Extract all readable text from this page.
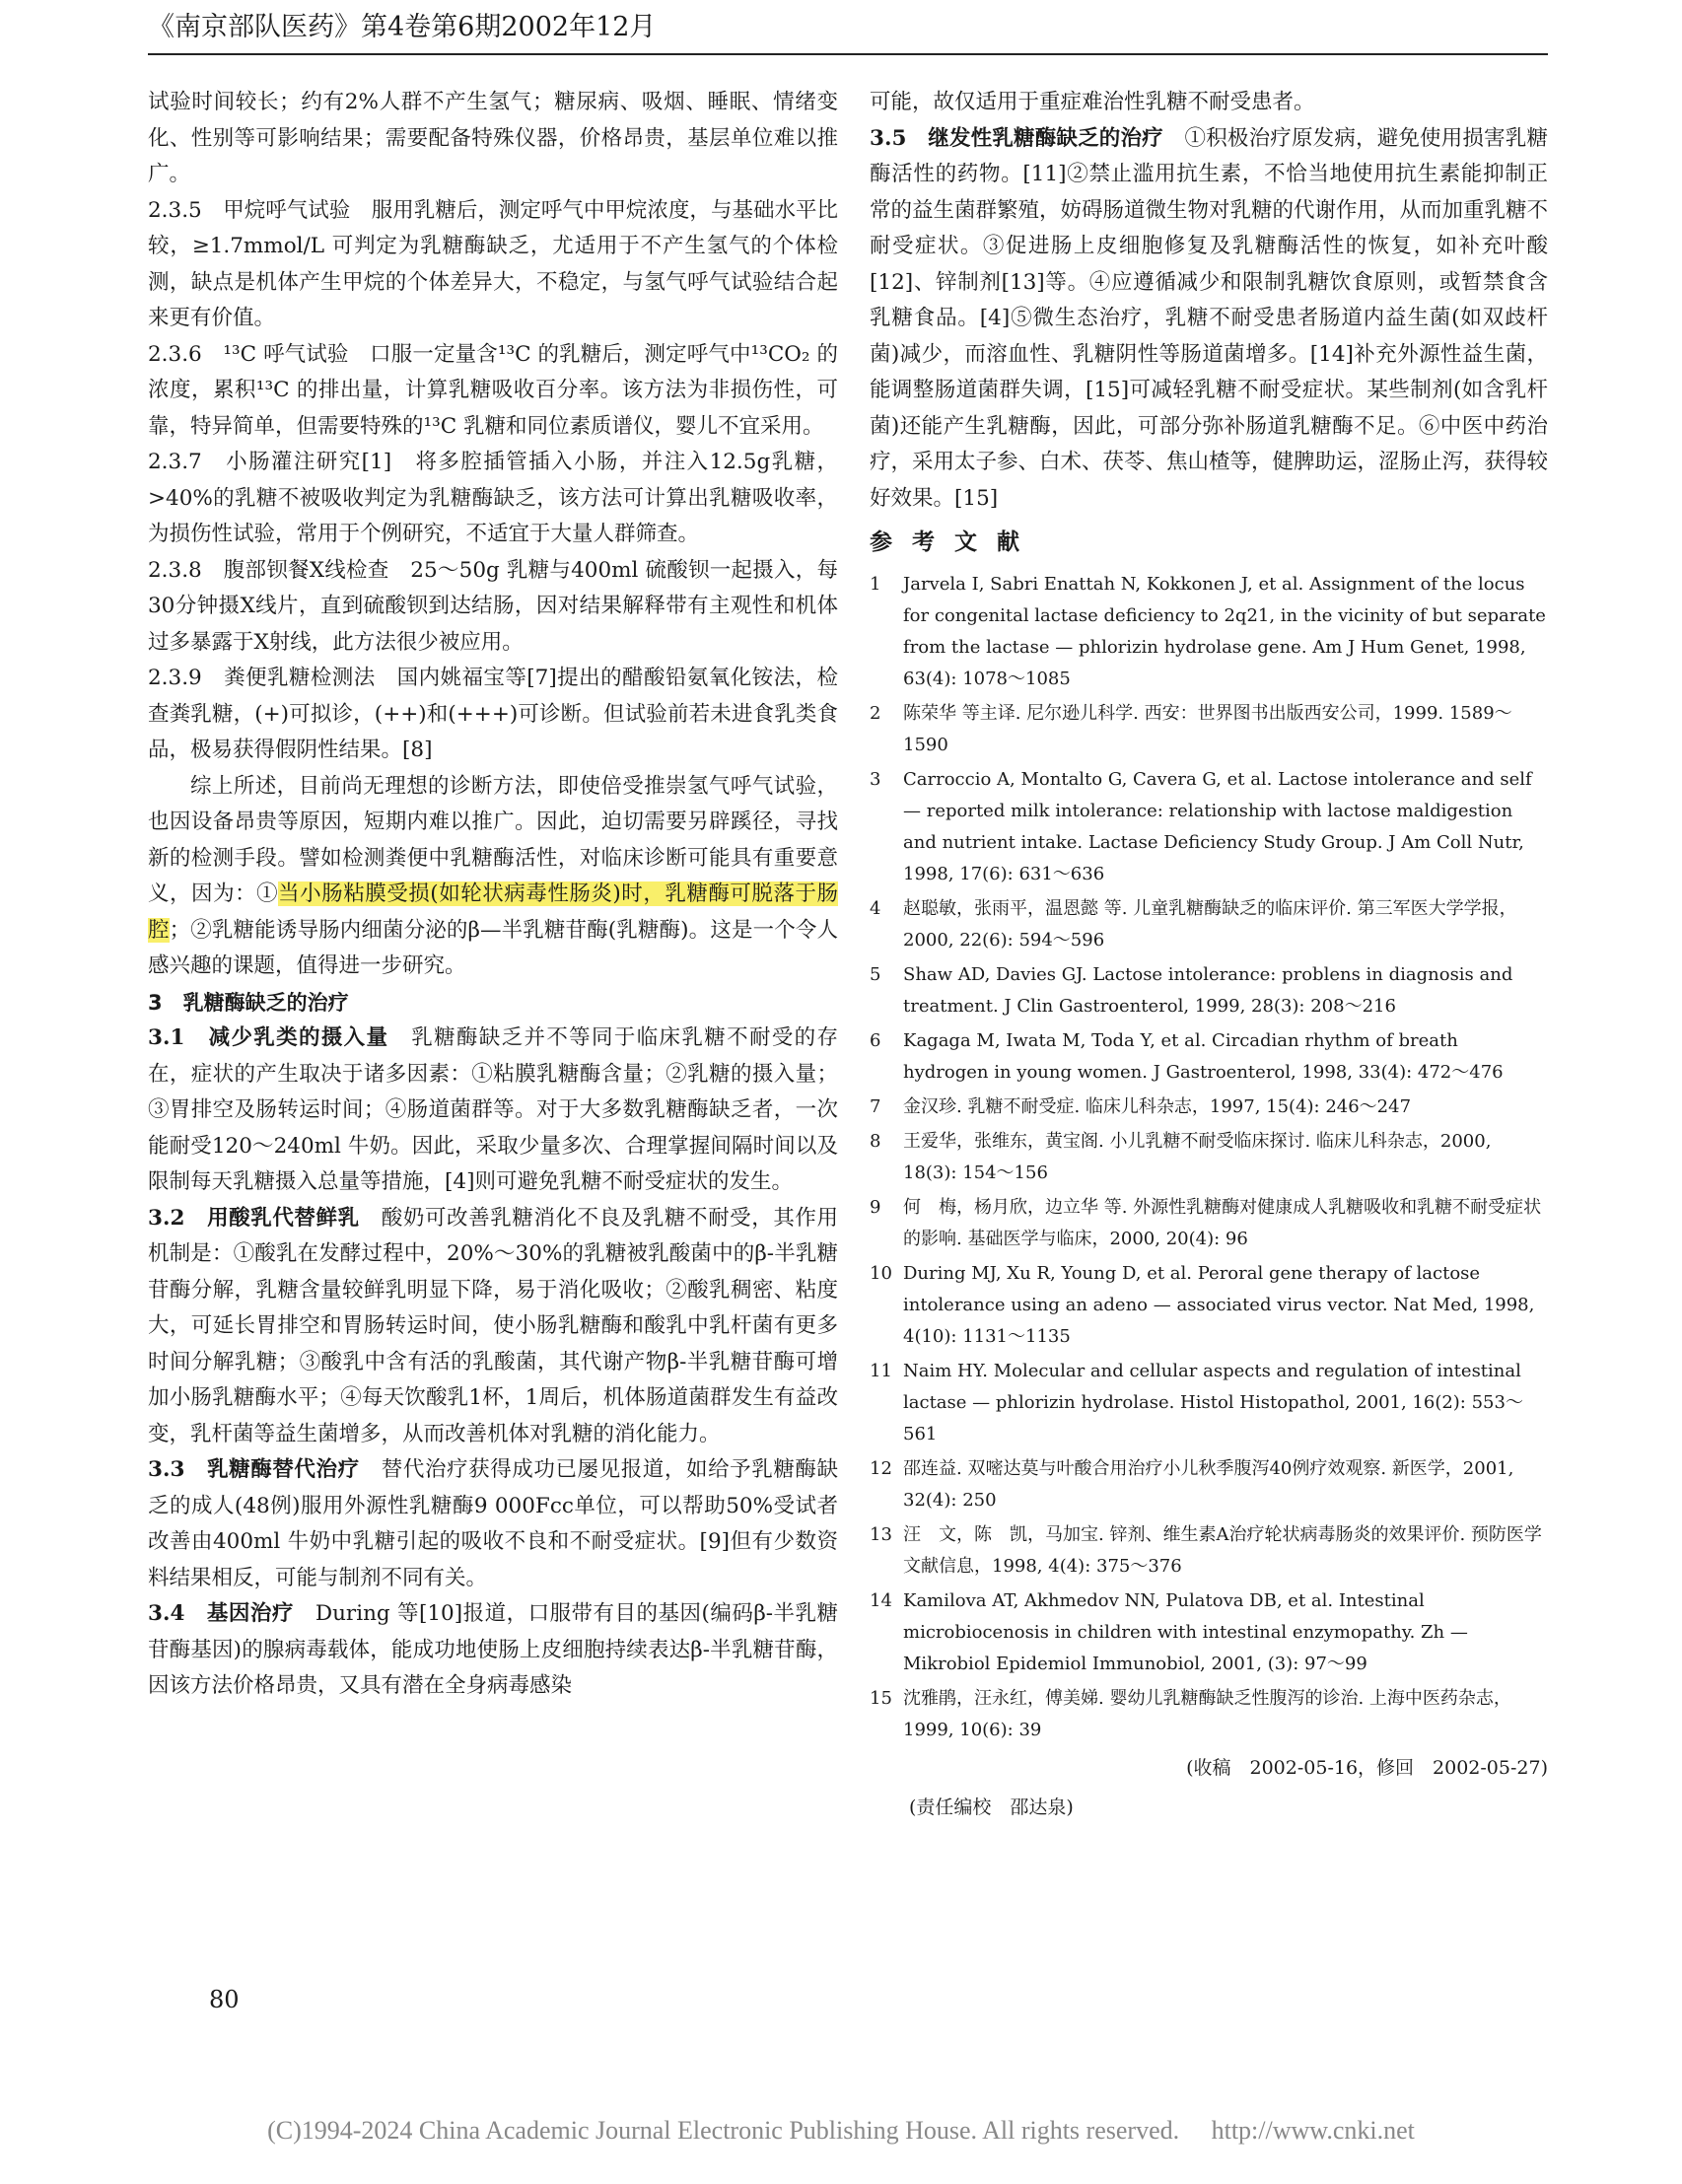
《南京部队医药》第4卷第6期2002年12月

试验时间较长；约有2%人群不产生氢气；糖尿病、吸烟、睡眠、情绪变化、性别等可影响结果；需要配备特殊仪器，价格昂贵，基层单位难以推广。

2.3.5　甲烷呼气试验　服用乳糖后，测定呼气中甲烷浓度，与基础水平比较，≥1.7mmol/L 可判定为乳糖酶缺乏，尤适用于不产生氢气的个体检测，缺点是机体产生甲烷的个体差异大，不稳定，与氢气呼气试验结合起来更有价值。

2.3.6　¹³C 呼气试验　口服一定量含¹³C 的乳糖后，测定呼气中¹³CO₂ 的浓度，累积¹³C 的排出量，计算乳糖吸收百分率。该方法为非损伤性，可靠，特异简单，但需要特殊的¹³C 乳糖和同位素质谱仪，婴儿不宜采用。

2.3.7　小肠灌注研究[1]　将多腔插管插入小肠，并注入12.5g乳糖，>40%的乳糖不被吸收判定为乳糖酶缺乏，该方法可计算出乳糖吸收率，为损伤性试验，常用于个例研究，不适宜于大量人群筛查。

2.3.8　腹部钡餐X线检查　25～50g 乳糖与400ml 硫酸钡一起摄入，每30分钟摄X线片，直到硫酸钡到达结肠，因对结果解释带有主观性和机体过多暴露于X射线，此方法很少被应用。

2.3.9　粪便乳糖检测法　国内姚福宝等[7]提出的醋酸铅氨氧化铵法，检查粪乳糖，(+)可拟诊，(++)和(+++)可诊断。但试验前若未进食乳类食品，极易获得假阴性结果。[8]

综上所述，目前尚无理想的诊断方法，即使倍受推崇氢气呼气试验，也因设备昂贵等原因，短期内难以推广。因此，迫切需要另辟蹊径，寻找新的检测手段。譬如检测粪便中乳糖酶活性，对临床诊断可能具有重要意义，因为：①当小肠粘膜受损(如轮状病毒性肠炎)时，乳糖酶可脱落于肠腔；②乳糖能诱导肠内细菌分泌的β—半乳糖苷酶(乳糖酶)。这是一个令人感兴趣的课题，值得进一步研究。

3　乳糖酶缺乏的治疗

3.1　减少乳类的摄入量　乳糖酶缺乏并不等同于临床乳糖不耐受的存在，症状的产生取决于诸多因素：①粘膜乳糖酶含量；②乳糖的摄入量；③胃排空及肠转运时间；④肠道菌群等。对于大多数乳糖酶缺乏者，一次能耐受120～240ml 牛奶。因此，采取少量多次、合理掌握间隔时间以及限制每天乳糖摄入总量等措施，[4]则可避免乳糖不耐受症状的发生。

3.2　用酸乳代替鲜乳　酸奶可改善乳糖消化不良及乳糖不耐受，其作用机制是：①酸乳在发酵过程中，20%～30%的乳糖被乳酸菌中的β-半乳糖苷酶分解，乳糖含量较鲜乳明显下降，易于消化吸收；②酸乳稠密、粘度大，可延长胃排空和胃肠转运时间，使小肠乳糖酶和酸乳中乳杆菌有更多时间分解乳糖；③酸乳中含有活的乳酸菌，其代谢产物β-半乳糖苷酶可增加小肠乳糖酶水平；④每天饮酸乳1杯，1周后，机体肠道菌群发生有益改变，乳杆菌等益生菌增多，从而改善机体对乳糖的消化能力。

3.3　乳糖酶替代治疗　替代治疗获得成功已屡见报道，如给予乳糖酶缺乏的成人(48例)服用外源性乳糖酶9 000Fcc单位，可以帮助50%受试者改善由400ml 牛奶中乳糖引起的吸收不良和不耐受症状。[9]但有少数资料结果相反，可能与制剂不同有关。

3.4　基因治疗　During 等[10]报道，口服带有目的基因(编码β-半乳糖苷酶基因)的腺病毒载体，能成功地使肠上皮细胞持续表达β-半乳糖苷酶，因该方法价格昂贵，又具有潜在全身病毒感染

可能，故仅适用于重症难治性乳糖不耐受患者。

3.5　继发性乳糖酶缺乏的治疗　①积极治疗原发病，避免使用损害乳糖酶活性的药物。[11]②禁止滥用抗生素，不恰当地使用抗生素能抑制正常的益生菌群繁殖，妨碍肠道微生物对乳糖的代谢作用，从而加重乳糖不耐受症状。③促进肠上皮细胞修复及乳糖酶活性的恢复，如补充叶酸[12]、锌制剂[13]等。④应遵循减少和限制乳糖饮食原则，或暂禁食含乳糖食品。[4]⑤微生态治疗，乳糖不耐受患者肠道内益生菌(如双歧杆菌)减少，而溶血性、乳糖阴性等肠道菌增多。[14]补充外源性益生菌，能调整肠道菌群失调，[15]可减轻乳糖不耐受症状。某些制剂(如含乳杆菌)还能产生乳糖酶，因此，可部分弥补肠道乳糖酶不足。⑥中医中药治疗，采用太子参、白术、茯苓、焦山楂等，健脾助运，涩肠止泻，获得较好效果。[15]

参 考 文 献
1	Jarvela I, Sabri Enattah N, Kokkonen J, et al. Assignment of the locus for congenital lactase deficiency to 2q21, in the vicinity of but separate from the lactase — phlorizin hydrolase gene. Am J Hum Genet, 1998, 63(4): 1078～1085
2	陈荣华 等主译. 尼尔逊儿科学. 西安：世界图书出版西安公司，1999. 1589～1590
3	Carroccio A, Montalto G, Cavera G, et al. Lactose intolerance and self — reported milk intolerance: relationship with lactose maldigestion and nutrient intake. Lactase Deficiency Study Group. J Am Coll Nutr, 1998, 17(6): 631～636
4	赵聪敏，张雨平，温恩懿 等. 儿童乳糖酶缺乏的临床评价. 第三军医大学学报，2000, 22(6): 594～596
5	Shaw AD, Davies GJ. Lactose intolerance: problens in diagnosis and treatment. J Clin Gastroenterol, 1999, 28(3): 208～216
6	Kagaga M, Iwata M, Toda Y, et al. Circadian rhythm of breath hydrogen in young women. J Gastroenterol, 1998, 33(4): 472～476
7	金汉珍. 乳糖不耐受症. 临床儿科杂志，1997, 15(4): 246～247
8	王爱华，张维东，黄宝阁. 小儿乳糖不耐受临床探讨. 临床儿科杂志，2000, 18(3): 154～156
9	何　梅，杨月欣，边立华 等. 外源性乳糖酶对健康成人乳糖吸收和乳糖不耐受症状的影响. 基础医学与临床，2000, 20(4): 96
10 During MJ, Xu R, Young D, et al. Peroral gene therapy of lactose intolerance using an adeno — associated virus vector. Nat Med, 1998, 4(10): 1131～1135
11 Naim HY. Molecular and cellular aspects and regulation of intestinal lactase — phlorizin hydrolase. Histol Histopathol, 2001, 16(2): 553～561
12 邵连益. 双嘧达莫与叶酸合用治疗小儿秋季腹泻40例疗效观察. 新医学，2001, 32(4): 250
13 汪　文，陈　凯，马加宝. 锌剂、维生素A治疗轮状病毒肠炎的效果评价. 预防医学文献信息，1998, 4(4): 375～376
14 Kamilova AT, Akhmedov NN, Pulatova DB, et al. Intestinal microbiocenosis in children with intestinal enzymopathy. Zh — Mikrobiol Epidemiol Immunobiol, 2001, (3): 97～99
15 沈雅鹃，汪永红，傅美娣. 婴幼儿乳糖酶缺乏性腹泻的诊治. 上海中医药杂志，1999, 10(6): 39
(收稿　2002-05-16，修回　2002-05-27)
(责任编校　邵达泉)
80
(C)1994-2024 China Academic Journal Electronic Publishing House. All rights reserved.　 http://www.cnki.net
